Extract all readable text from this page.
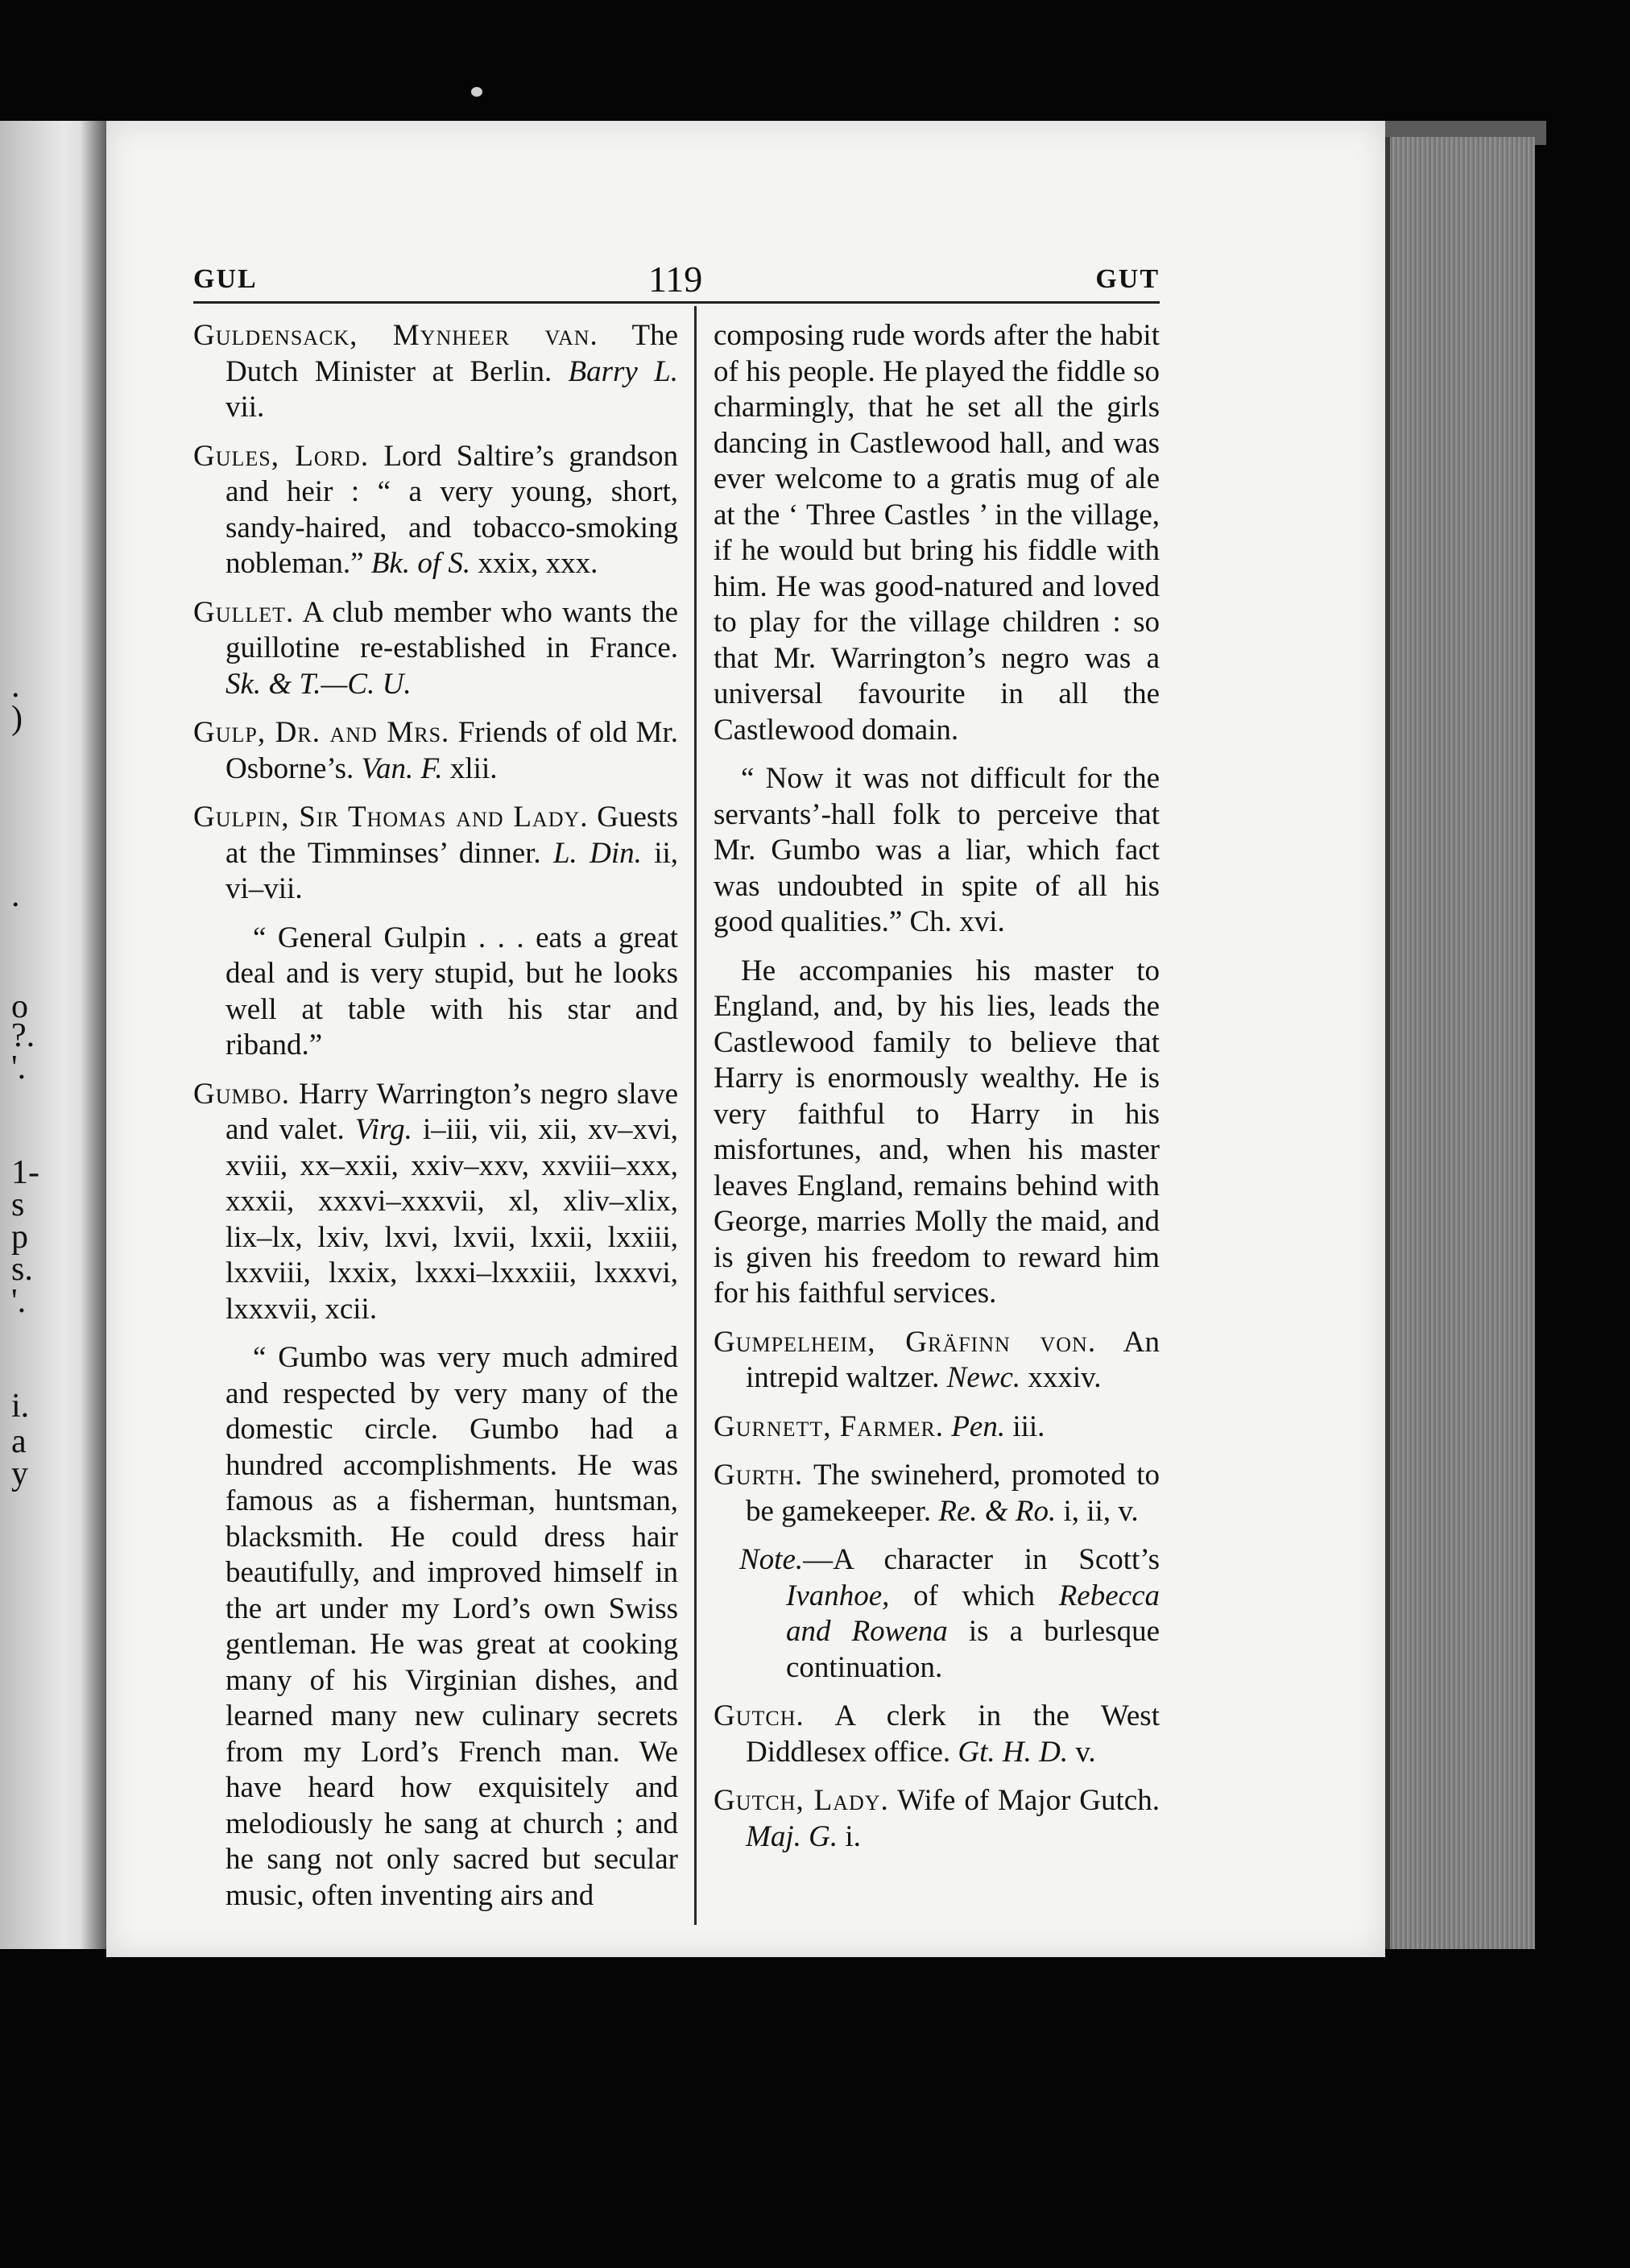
.
)
.
o
?.
'.
1-
s
p
s.
'.
i.
a
y
GUL	119	GUT

Guldensack, Mynheer van. The Dutch Minister at Berlin. Barry L. vii.

Gules, Lord. Lord Saltire’s grandson and heir : “ a very young, short, sandy-haired, and tobacco-smoking nobleman.” Bk. of S. xxix, xxx.

Gullet. A club member who wants the guillotine re-established in France. Sk. & T.—C. U.

Gulp, Dr. and Mrs. Friends of old Mr. Osborne’s. Van. F. xlii.

Gulpin, Sir Thomas and Lady. Guests at the Timminses’ dinner. L. Din. ii, vi–vii.

“ General Gulpin . . . eats a great deal and is very stupid, but he looks well at table with his star and riband.”

Gumbo. Harry Warrington’s negro slave and valet. Virg. i–iii, vii, xii, xv–xvi, xviii, xx–xxii, xxiv–xxv, xxviii–xxx, xxxii, xxxvi–xxxvii, xl, xliv–xlix, lix–lx, lxiv, lxvi, lxvii, lxxii, lxxiii, lxxviii, lxxix, lxxxi–lxxxiii, lxxxvi, lxxxvii, xcii.

“ Gumbo was very much admired and respected by very many of the domestic circle. Gumbo had a hundred accomplishments. He was famous as a fisherman, huntsman, blacksmith. He could dress hair beautifully, and improved himself in the art under my Lord’s own Swiss gentleman. He was great at cooking many of his Virginian dishes, and learned many new culinary secrets from my Lord’s French man. We have heard how exquisitely and melodiously he sang at church ; and he sang not only sacred but secular music, often inventing airs and

composing rude words after the habit of his people. He played the fiddle so charmingly, that he set all the girls dancing in Castlewood hall, and was ever welcome to a gratis mug of ale at the ‘ Three Castles ’ in the village, if he would but bring his fiddle with him. He was good-natured and loved to play for the village children : so that Mr. Warrington’s negro was a universal favourite in all the Castlewood domain.

“ Now it was not difficult for the servants’-hall folk to perceive that Mr. Gumbo was a liar, which fact was undoubted in spite of all his good qualities.” Ch. xvi.

He accompanies his master to England, and, by his lies, leads the Castlewood family to believe that Harry is enormously wealthy. He is very faithful to Harry in his misfortunes, and, when his master leaves England, remains behind with George, marries Molly the maid, and is given his freedom to reward him for his faithful services.

Gumpelheim, Gräfinn von. An intrepid waltzer. Newc. xxxiv.

Gurnett, Farmer. Pen. iii.

Gurth. The swineherd, promoted to be gamekeeper. Re. & Ro. i, ii, v.

Note.—A character in Scott’s Ivanhoe, of which Rebecca and Rowena is a burlesque continuation.

Gutch. A clerk in the West Diddlesex office. Gt. H. D. v.

Gutch, Lady. Wife of Major Gutch. Maj. G. i.
